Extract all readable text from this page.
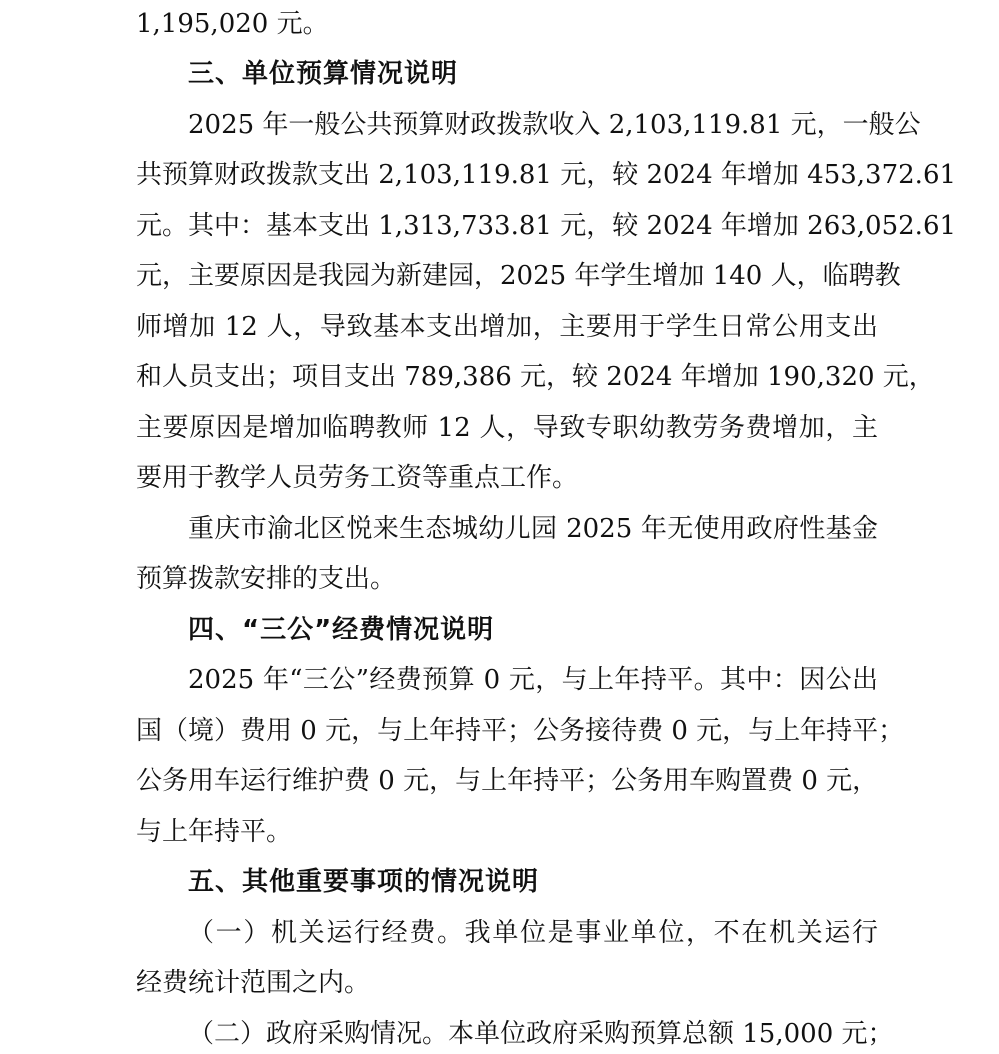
1,195,020 元。
三、单位预算情况说明
2025 年一般公共预算财政拨款收入 2,103,119.81 元，一般公
共预算财政拨款支出 2,103,119.81 元，较 2024 年增加 453,372.61
元。其中：基本支出 1,313,733.81 元，较 2024 年增加 263,052.61
元，主要原因是我园为新建园，2025 年学生增加 140 人，临聘教
师增加 12 人，导致基本支出增加，主要用于学生日常公用支出
和人员支出；项目支出 789,386 元，较 2024 年增加 190,320 元，
主要原因是增加临聘教师 12 人，导致专职幼教劳务费增加，主
要用于教学人员劳务工资等重点工作。
重庆市渝北区悦来生态城幼儿园 2025 年无使用政府性基金
预算拨款安排的支出。
四、“三公”经费情况说明
2025 年“三公”经费预算 0 元，与上年持平。其中：因公出
国（境）费用 0 元，与上年持平；公务接待费 0 元，与上年持平；
公务用车运行维护费 0 元，与上年持平；公务用车购置费 0 元，
与上年持平。
五、其他重要事项的情况说明
（一）机关运行经费。我单位是事业单位，不在机关运行
经费统计范围之内。
（二）政府采购情况。本单位政府采购预算总额 15,000 元；
